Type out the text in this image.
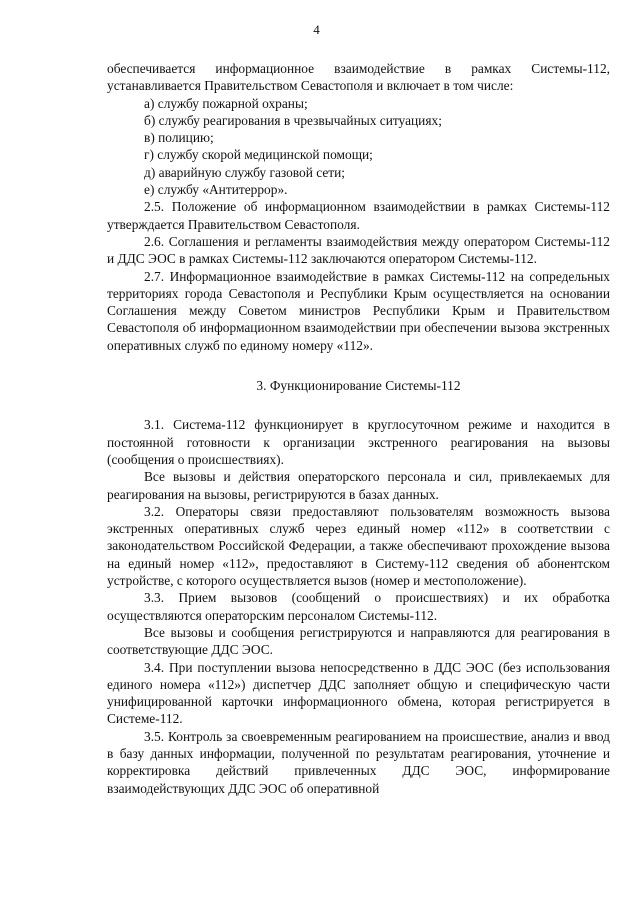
4

обеспечивается информационное взаимодействие в рамках Системы-112, устанавливается Правительством Севастополя и включает в том числе:

а) службу пожарной охраны;

б) службу реагирования в чрезвычайных ситуациях;

в) полицию;

г) службу скорой медицинской помощи;

д) аварийную службу газовой сети;

е) службу «Антитеррор».

2.5. Положение об информационном взаимодействии в рамках Системы-112 утверждается Правительством Севастополя.

2.6. Соглашения и регламенты взаимодействия между оператором Системы-112 и ДДС ЭОС в рамках Системы-112 заключаются оператором Системы-112.

2.7. Информационное взаимодействие в рамках Системы-112 на сопредельных территориях города Севастополя и Республики Крым осуществляется на основании Соглашения между Советом министров Республики Крым и Правительством Севастополя об информационном взаимодействии при обеспечении вызова экстренных оперативных служб по единому номеру «112».

3. Функционирование Системы-112

3.1. Система-112 функционирует в круглосуточном режиме и находится в постоянной готовности к организации экстренного реагирования на вызовы (сообщения о происшествиях).

Все вызовы и действия операторского персонала и сил, привлекаемых для реагирования на вызовы, регистрируются в базах данных.

3.2. Операторы связи предоставляют пользователям возможность вызова экстренных оперативных служб через единый номер «112» в соответствии с законодательством Российской Федерации, а также обеспечивают прохождение вызова на единый номер «112», предоставляют в Систему-112 сведения об абонентском устройстве, с которого осуществляется вызов (номер и местоположение).

3.3. Прием вызовов (сообщений о происшествиях) и их обработка осуществляются операторским персоналом Системы-112.

Все вызовы и сообщения регистрируются и направляются для реагирования в соответствующие ДДС ЭОС.

3.4. При поступлении вызова непосредственно в ДДС ЭОС (без использования единого номера «112») диспетчер ДДС заполняет общую и специфическую части унифицированной карточки информационного обмена, которая регистрируется в Системе-112.

3.5. Контроль за своевременным реагированием на происшествие, анализ и ввод в базу данных информации, полученной по результатам реагирования, уточнение и корректировка действий привлеченных ДДС ЭОС, информирование взаимодействующих ДДС ЭОС об оперативной
